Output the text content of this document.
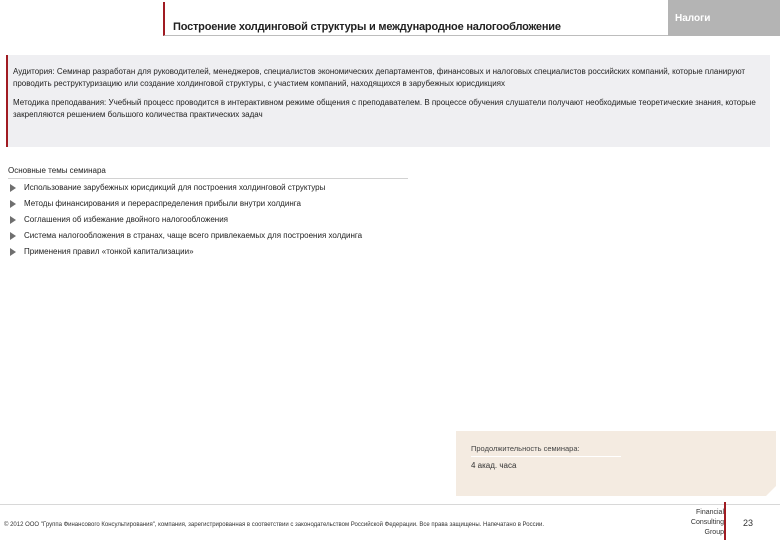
Построение холдинговой структуры и международное налогообложение
Налоги

Аудитория: Семинар разработан для руководителей, менеджеров, специалистов экономических департаментов, финансовых и налоговых специалистов российских компаний, которые планируют проводить реструктуризацию или создание холдинговой структуры, с участием компаний, находящихся в зарубежных юрисдикциях

Методика преподавания: Учебный процесс проводится в интерактивном режиме общения с преподавателем. В процессе обучения слушатели получают необходимые теоретические знания, которые закрепляются решением большого количества практических задач

Основные темы семинара
Использование зарубежных юрисдикций для построения холдинговой структуры
Методы финансирования и перераспределения прибыли внутри холдинга
Соглашения об избежание двойного налогообложения
Система налогообложения в странах, чаще всего привлекаемых для построения холдинга
Применения правил «тонкой капитализации»
Продолжительность семинара:
4 акад. часа
© 2012 ООО "Группа Финансового Консультирования", компания, зарегистрированная в соответствии с законодательством Российской Федерации. Все права защищены. Напечатано в России.
Financial
Consulting
Group
23
